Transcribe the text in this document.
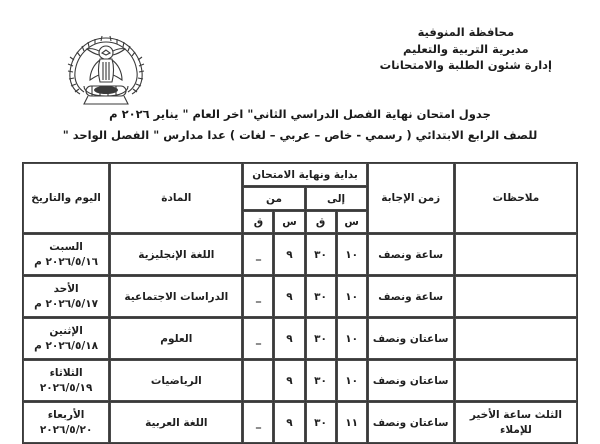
محافظة المنوفية
مديرية التربية والتعليم
إدارة شئون الطلبة والامتحانات
جدول امتحان نهاية الفصل الدراسي الثاني" اخر العام " يناير ٢٠٢٦ م
للصف الرابع الابتدائي ( رسمي - خاص – عربي – لغات ) عدا مدارس " الفصل الواحد "
ملاحظات	زمن الإجابة	بداية ونهاية الامتحان				المادة	اليوم والتاريخ
		إلى		من			
		س	ق	س	ق		
	ساعة ونصف	١٠	٣٠	٩	_	اللغة الإنجليزية	السبت
٢٠٢٦/٥/١٦ م

	ساعة ونصف	١٠	٣٠	٩	_	الدراسات الاجتماعية	الأحد
٢٠٢٦/٥/١٧ م

	ساعتان ونصف	١٠	٣٠	٩	_	العلوم	الإثنين
٢٠٢٦/٥/١٨ م

	ساعتان ونصف	١٠	٣٠	٩		الرياضيات	الثلاثاء
٢٠٢٦/٥/١٩

الثلث ساعة الأخير للإملاء	ساعتان ونصف	١١	٣٠	٩	_	اللغة العربية	الأربعاء
٢٠٢٦/٥/٢٠
